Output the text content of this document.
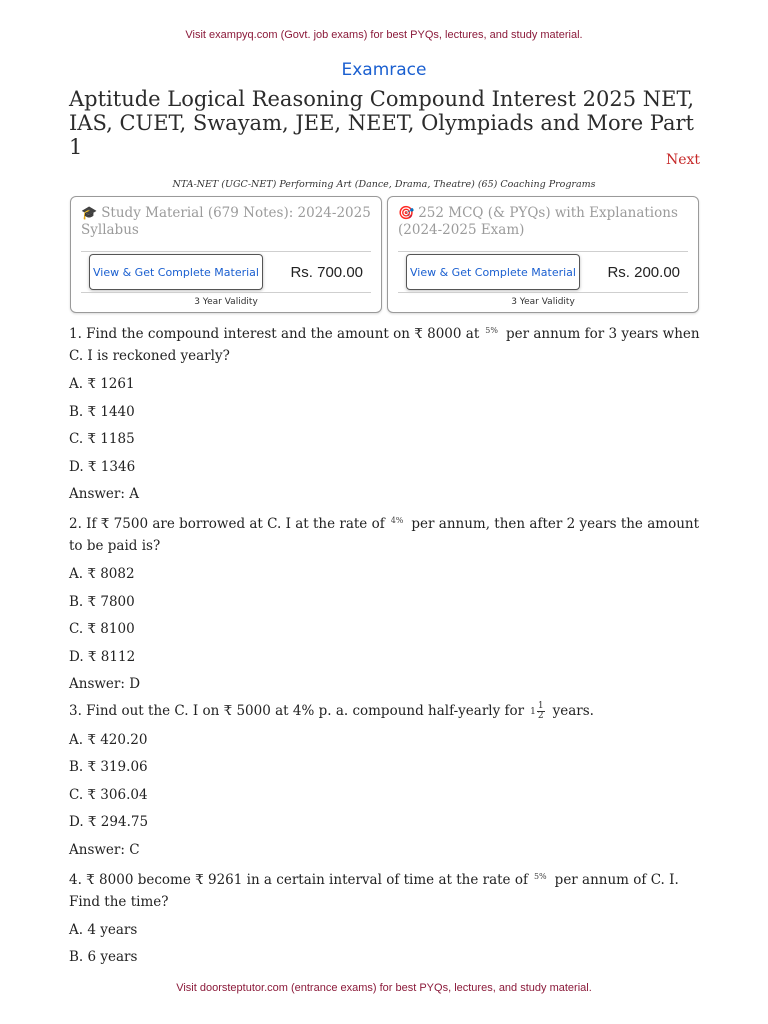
Visit exampyq.com (Govt. job exams) for best PYQs, lectures, and study material.
Examrace
Aptitude Logical Reasoning Compound Interest 2025 NET, IAS, CUET, Swayam, JEE, NEET, Olympiads and More Part 1
Next
NTA-NET (UGC-NET) Performing Art (Dance, Drama, Theatre) (65) Coaching Programs
🎓 Study Material (679 Notes): 2024-2025 Syllabus
View & Get Complete Material Rs. 700.00
3 Year Validity
🎯 252 MCQ (& PYQs) with Explanations (2024-2025 Exam)
View & Get Complete Material Rs. 200.00
3 Year Validity

1. Find the compound interest and the amount on ₹ 8000 at 5% per annum for 3 years when C. I is reckoned yearly?

A. ₹ 1261

B. ₹ 1440

C. ₹ 1185

D. ₹ 1346

Answer: A

2. If ₹ 7500 are borrowed at C. I at the rate of 4% per annum, then after 2 years the amount to be paid is?

A. ₹ 8082

B. ₹ 7800

C. ₹ 8100

D. ₹ 8112

Answer: D

3. Find out the C. I on ₹ 5000 at 4% p. a. compound half-yearly for $1 \frac{1}{2}$ years.

A. ₹ 420.20

B. ₹ 319.06

C. ₹ 306.04

D. ₹ 294.75

Answer: C

4. ₹ 8000 become ₹ 9261 in a certain interval of time at the rate of 5% per annum of C. I. Find the time?

A. 4 years

B. 6 years

Visit doorsteptutor.com (entrance exams) for best PYQs, lectures, and study material.
